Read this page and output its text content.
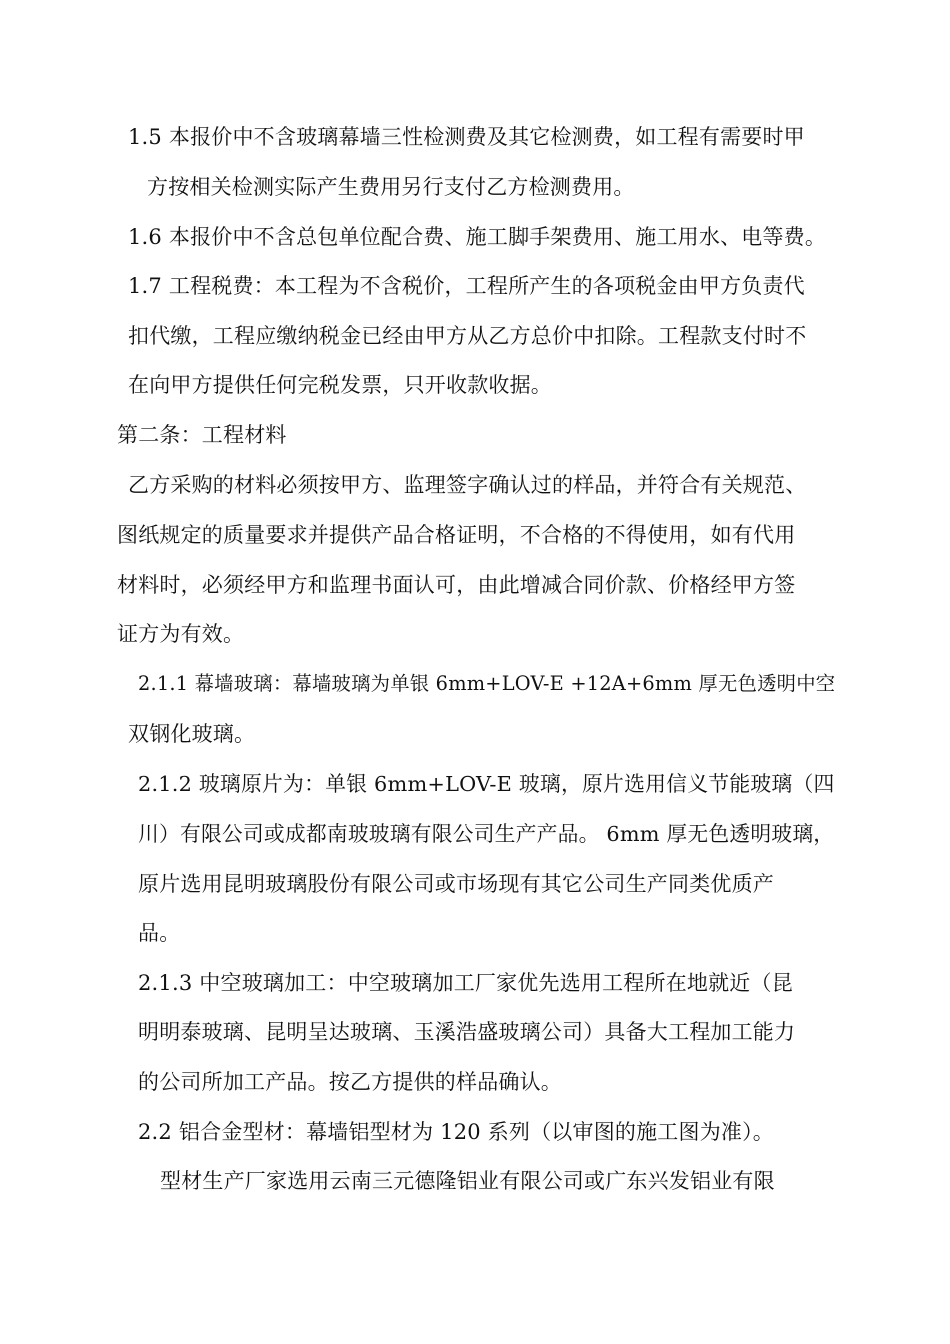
1.5 本报价中不含玻璃幕墙三性检测费及其它检测费，如工程有需要时甲
方按相关检测实际产生费用另行支付乙方检测费用。
1.6 本报价中不含总包单位配合费、施工脚手架费用、施工用水、电等费。
1.7 工程税费：本工程为不含税价，工程所产生的各项税金由甲方负责代
扣代缴，工程应缴纳税金已经由甲方从乙方总价中扣除。工程款支付时不
在向甲方提供任何完税发票，只开收款收据。
第二条：工程材料
乙方采购的材料必须按甲方、监理签字确认过的样品，并符合有关规范、
图纸规定的质量要求并提供产品合格证明，不合格的不得使用，如有代用
材料时，必须经甲方和监理书面认可，由此增减合同价款、价格经甲方签
证方为有效。
2.1.1 幕墙玻璃：幕墙玻璃为单银 6mm+LOV-E +12A+6mm 厚无色透明中空
双钢化玻璃。
2.1.2 玻璃原片为：单银 6mm+LOV-E 玻璃，原片选用信义节能玻璃（四
川）有限公司或成都南玻玻璃有限公司生产产品。 6mm 厚无色透明玻璃，
原片选用昆明玻璃股份有限公司或市场现有其它公司生产同类优质产
品。
2.1.3 中空玻璃加工：中空玻璃加工厂家优先选用工程所在地就近（昆
明明泰玻璃、昆明呈达玻璃、玉溪浩盛玻璃公司）具备大工程加工能力
的公司所加工产品。按乙方提供的样品确认。
2.2 铝合金型材：幕墙铝型材为 120 系列（以审图的施工图为准）。
型材生产厂家选用云南三元德隆铝业有限公司或广东兴发铝业有限
